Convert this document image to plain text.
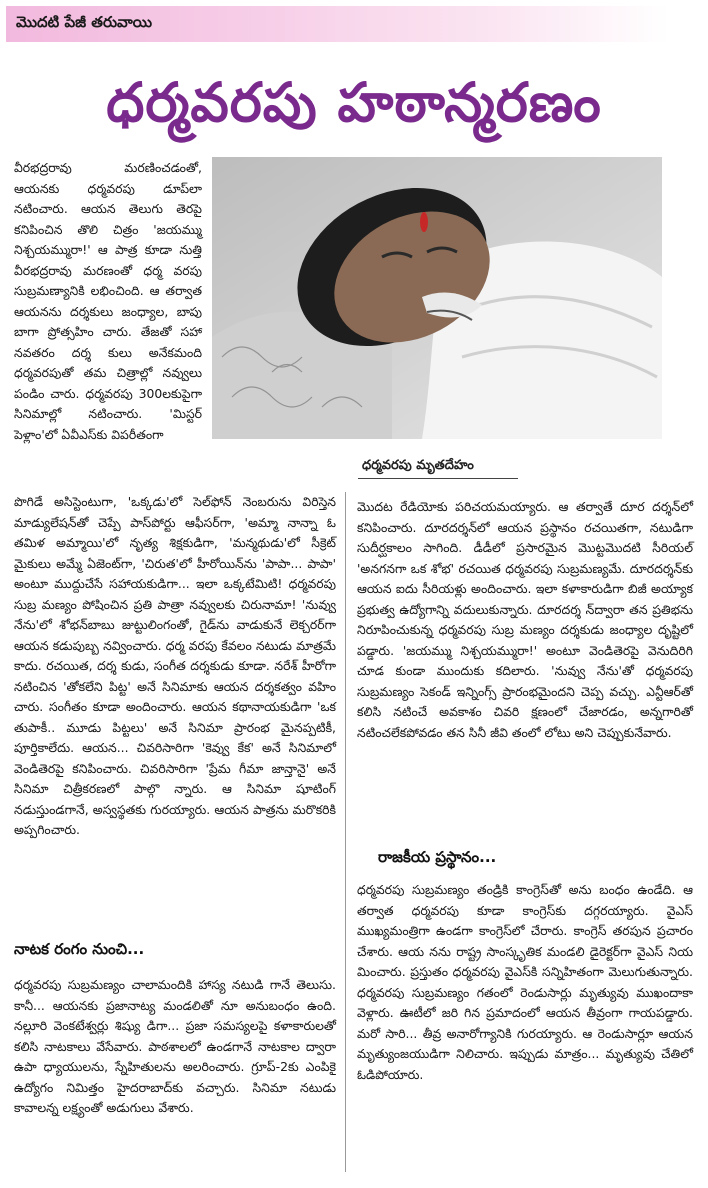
మొదటి పేజీ తరువాయి
ధర్మవరపు హఠాన్మరణం
ధర్మవరపు మృతదేహం
వీరభద్రరావు మరణించడంతో, ఆయనకు ధర్మవరపు డూప్‌లా నటించారు. ఆయన తెలుగు తెరపై కనిపించిన తొలి చిత్రం 'జయమ్ము నిశ్చయమ్మురా!' ఆ పాత్ర కూడా నుత్తి వీరభద్రరావు మరణంతో ధర్మ వరపు సుబ్రమణ్యానికి లభించింది. ఆ తర్వాత ఆయనను దర్శకులు జంధ్యాల, బాపు బాగా ప్రోత్సహిం చారు. తేజతో సహా నవతరం దర్శ కులు అనేకమంది ధర్మవరపుతో తమ చిత్రాల్లో నవ్వులు పండిం చారు. ధర్మవరపు 300లకుపైగా సినిమాల్లో నటించారు. 'మిస్టర్ పెళ్లాం'లో ఏవీఎస్‌కు విపరీతంగా
పొగిడే అసిస్టెంటుగా, 'ఒక్కడు'లో సెల్‌ఫోన్ నెంబరును విరిస్తెన మాడ్యులేషన్‌తో చెప్పే పాస్‌పోర్టు ఆఫీసర్‌గా, 'అమ్మా నాన్నా ఓ తమిళ అమ్మాయి'లో నృత్య శిక్షకుడిగా, 'మన్మథుడు'లో సీక్రెట్ మైకులు అమ్మే ఏజెంట్‌గా, 'చిరుత'లో హీరోయిన్‌ను 'పాపా... పాపా' అంటూ ముద్దుచేసే సహాయకుడిగా... ఇలా ఒక్కటేమిటి! ధర్మవరపు సుబ్ర మణ్యం పోషించిన ప్రతి పాత్రా నవ్వులకు చిరునామా! 'నువ్వు నేను'లో శోభన్‌బాబు జుట్టులింగంతో, గైడ్‌ను వాడుకునే లెక్చరర్‌గా ఆయన కడుపుబ్బ నవ్వించారు. ధర్మ వరపు కేవలం నటుడు మాత్రమే కాదు. రచయిత, దర్శ కుడు, సంగీత దర్శకుడు కూడా. నరేశ్ హీరోగా నటించిన 'తోకలేని పిట్ట' అనే సినిమాకు ఆయన దర్శకత్వం వహిం చారు. సంగీతం కూడా అందించారు. ఆయన కథానాయకుడిగా 'ఒక తుపాకీ.. మూడు పిట్టలు' అనే సినిమా ప్రారంభ మైనప్పటికీ, పూర్తికాలేదు. ఆయన... చివరిసారిగా 'కెవ్వు కేక' అనే సినిమాలో వెండితెరపై కనిపించారు. చివరిసారిగా 'ప్రేమ గీమా జాన్తానై' అనే సినిమా చిత్రీకరణలో పాల్గొ న్నారు. ఆ సినిమా షూటింగ్ నడుస్తుండగానే, అస్వస్థతకు గురయ్యారు. ఆయన పాత్రను మరొకరికి అప్పగించారు.
నాటక రంగం నుంచి...
ధర్మవరపు సుబ్రమణ్యం చాలామందికి హాస్య నటుడి గానే తెలుసు. కానీ... ఆయనకు ప్రజానాట్య మండలితో నూ అనుబంధం ఉంది. నల్లూరి వెంకటేశ్వర్లు శిష్యు డిగా... ప్రజా సమస్యలపై కళాకారులతో కలిసి నాటకాలు వేసేవారు. పాఠశాలలో ఉండగానే నాటకాల ద్వారా ఉపా ధ్యాయులను, స్నేహితులను అలరించారు. గ్రూప్-2కు ఎంపికై ఉద్యోగం నిమిత్తం హైదరాబాద్‌కు వచ్చారు. సినిమా నటుడు కావాలన్న లక్ష్యంతో అడుగులు వేశారు.
మొదట రేడియోకు పరిచయమయ్యారు. ఆ తర్వాతే దూర దర్శన్‌లో కనిపించారు. దూరదర్శన్‌లో ఆయన ప్రస్థానం రచయితగా, నటుడిగా సుదీర్ఘకాలం సాగింది. డీడీలో ప్రసారమైన మొట్టమొదటి సీరియల్ 'అనగనగా ఒక శోభ' రచయిత ధర్మవరపు సుబ్రమణ్యమే. దూరదర్శన్‌కు ఆయన ఐదు సీరియళ్లు అందించారు. ఇలా కళాకారుడిగా బిజీ అయ్యాక ప్రభుత్వ ఉద్యోగాన్ని వదులుకున్నారు. దూరదర్శ న్‌ద్వారా తన ప్రతిభను నిరూపించుకున్న ధర్మవరపు సుబ్ర మణ్యం దర్శకుడు జంధ్యాల దృష్టిలో పడ్డారు. 'జయమ్ము నిశ్చయమ్మురా!' అంటూ వెండితెరపై వెనుదిరిగి చూడ కుండా ముందుకు కదిలారు. 'నువ్వు నేను'తో ధర్మవరపు సుబ్రమణ్యం సెకండ్ ఇన్నింగ్స్ ప్రారంభమైందని చెప్ప వచ్చు. ఎన్టీఆర్‌తో కలిసి నటించే అవకాశం చివరి క్షణంలో చేజారడం, అన్నగారితో నటించలేకపోవడం తన సినీ జీవి తంలో లోటు అని చెప్పుకునేవారు.
రాజకీయ ప్రస్థానం...
ధర్మవరపు సుబ్రమణ్యం తండ్రికి కాంగ్రెస్‌తో అను బంధం ఉండేది. ఆ తర్వాత ధర్మవరపు కూడా కాంగ్రెస్‌కు దగ్గరయ్యారు. వైఎస్ ముఖ్యమంత్రిగా ఉండగా కాంగ్రెస్‌లో చేరారు. కాంగ్రెస్ తరపున ప్రచారం చేశారు. ఆయ నను రాష్ట్ర సాంస్కృతిక మండలి డైరెక్టర్‌గా వైఎస్ నియ మించారు. ప్రస్తుతం ధర్మవరపు వైఎస్‌కి సన్నిహితంగా మెలుగుతున్నారు. ధర్మవరపు సుబ్రమణ్యం గతంలో రెండుసార్లు మృత్యువు ముఖందాకా వెళ్లారు. ఊటీలో జరి గిన ప్రమాదంలో ఆయన తీవ్రంగా గాయపడ్డారు. మరో సారి... తీవ్ర అనారోగ్యానికి గురయ్యారు. ఆ రెండుసార్లూ ఆయన మృత్యుంజయుడిగా నిలిచారు. ఇప్పుడు మాత్రం... మృత్యువు చేతిలో ఓడిపోయారు.
